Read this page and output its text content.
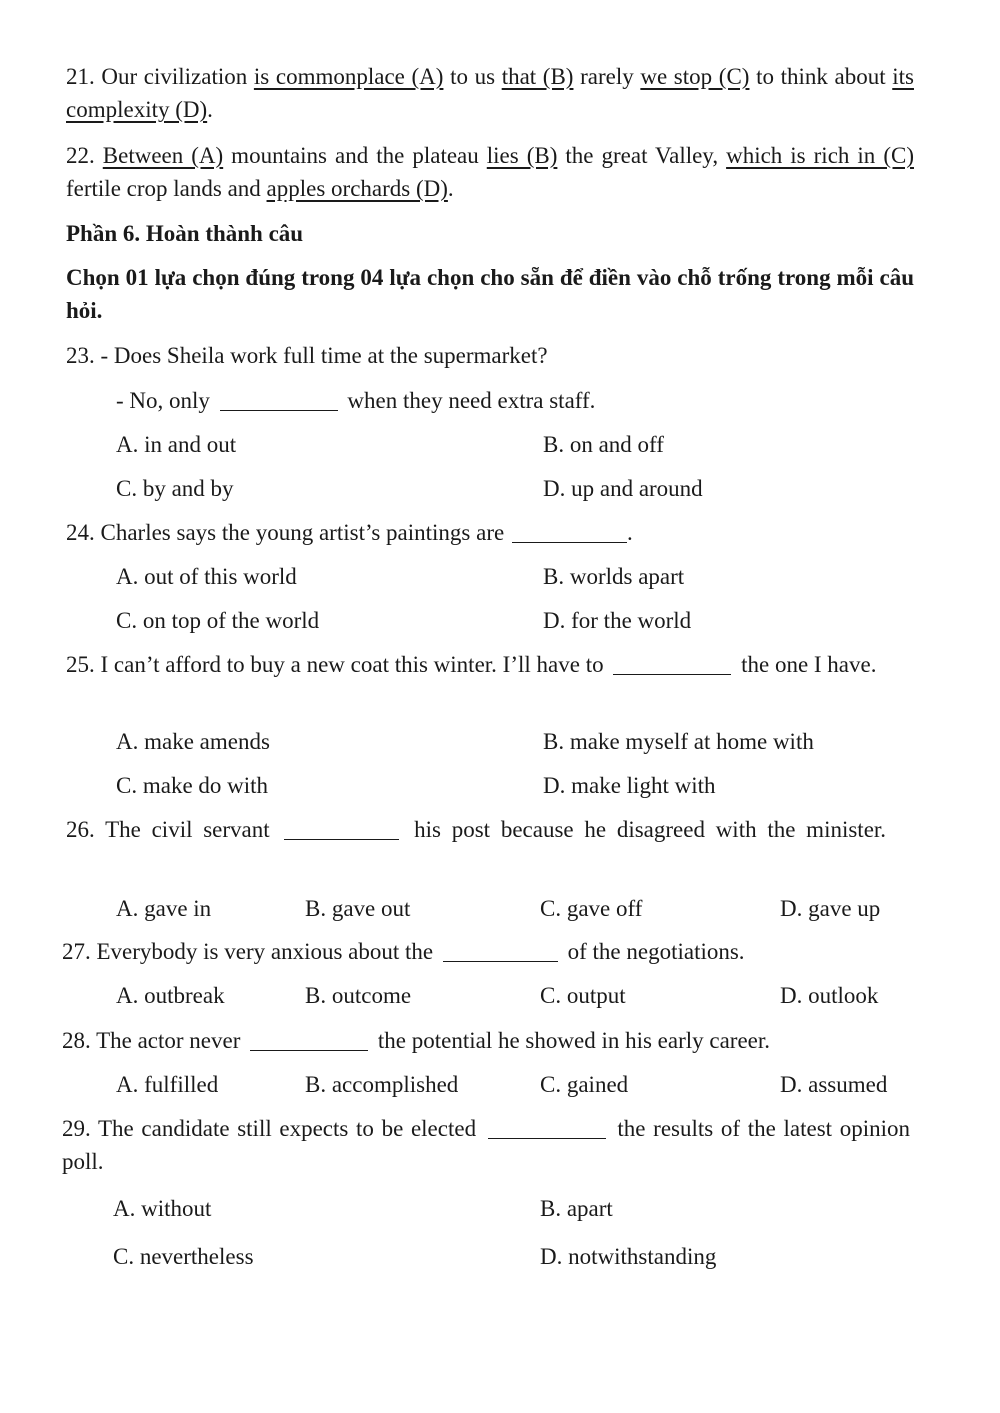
21. Our civilization is commonplace (A) to us that (B) rarely we stop (C) to think about its complexity (D).
22. Between (A) mountains and the plateau lies (B) the great Valley, which is rich in (C) fertile crop lands and apples orchards (D).
Phần 6. Hoàn thành câu
Chọn 01 lựa chọn đúng trong 04 lựa chọn cho sẵn để điền vào chỗ trống trong mỗi câu hỏi.
23. - Does Sheila work full time at the supermarket?
- No, only	when they need extra staff.
A. in and out	B. on and off
C. by and by	D. up and around
24. Charles says the young artist’s paintings are	.
A. out of this world	B. worlds apart
C. on top of the world	D. for the world
25. I can’t afford to buy a new coat this winter. I’ll have to	the one I have.
A. make amends	B. make myself at home with
C. make do with	D. make light with
26. The civil servant	his post because he disagreed with the minister.
A. gave in	B. gave out	C. gave off	D. gave up
27. Everybody is very anxious about the	of the negotiations.
A. outbreak	B. outcome	C. output	D. outlook
28. The actor never	the potential he showed in his early career.
A. fulfilled	B. accomplished	C. gained	D. assumed
29. The candidate still expects to be elected	the results of the latest opinion poll.
A. without	B. apart
C. nevertheless	D. notwithstanding
